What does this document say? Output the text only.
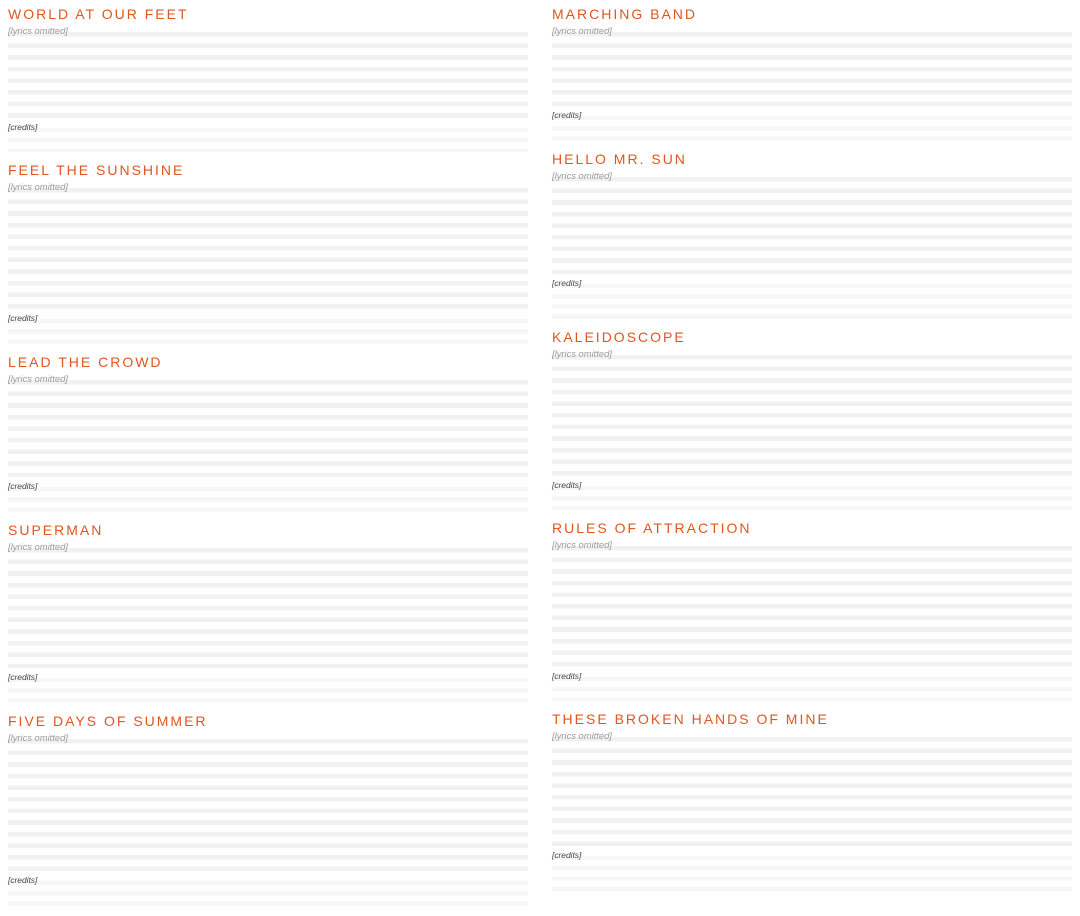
WORLD AT OUR FEET

[lyrics omitted]

[credits]

FEEL THE SUNSHINE

[lyrics omitted]

[credits]

LEAD THE CROWD

[lyrics omitted]

[credits]

SUPERMAN

[lyrics omitted]

[credits]

FIVE DAYS OF SUMMER

[lyrics omitted]

[credits]

MARCHING BAND

[lyrics omitted]

[credits]

HELLO MR. SUN

[lyrics omitted]

[credits]

KALEIDOSCOPE

[lyrics omitted]

[credits]

RULES OF ATTRACTION

[lyrics omitted]

[credits]

THESE BROKEN HANDS OF MINE

[lyrics omitted]

[credits]
